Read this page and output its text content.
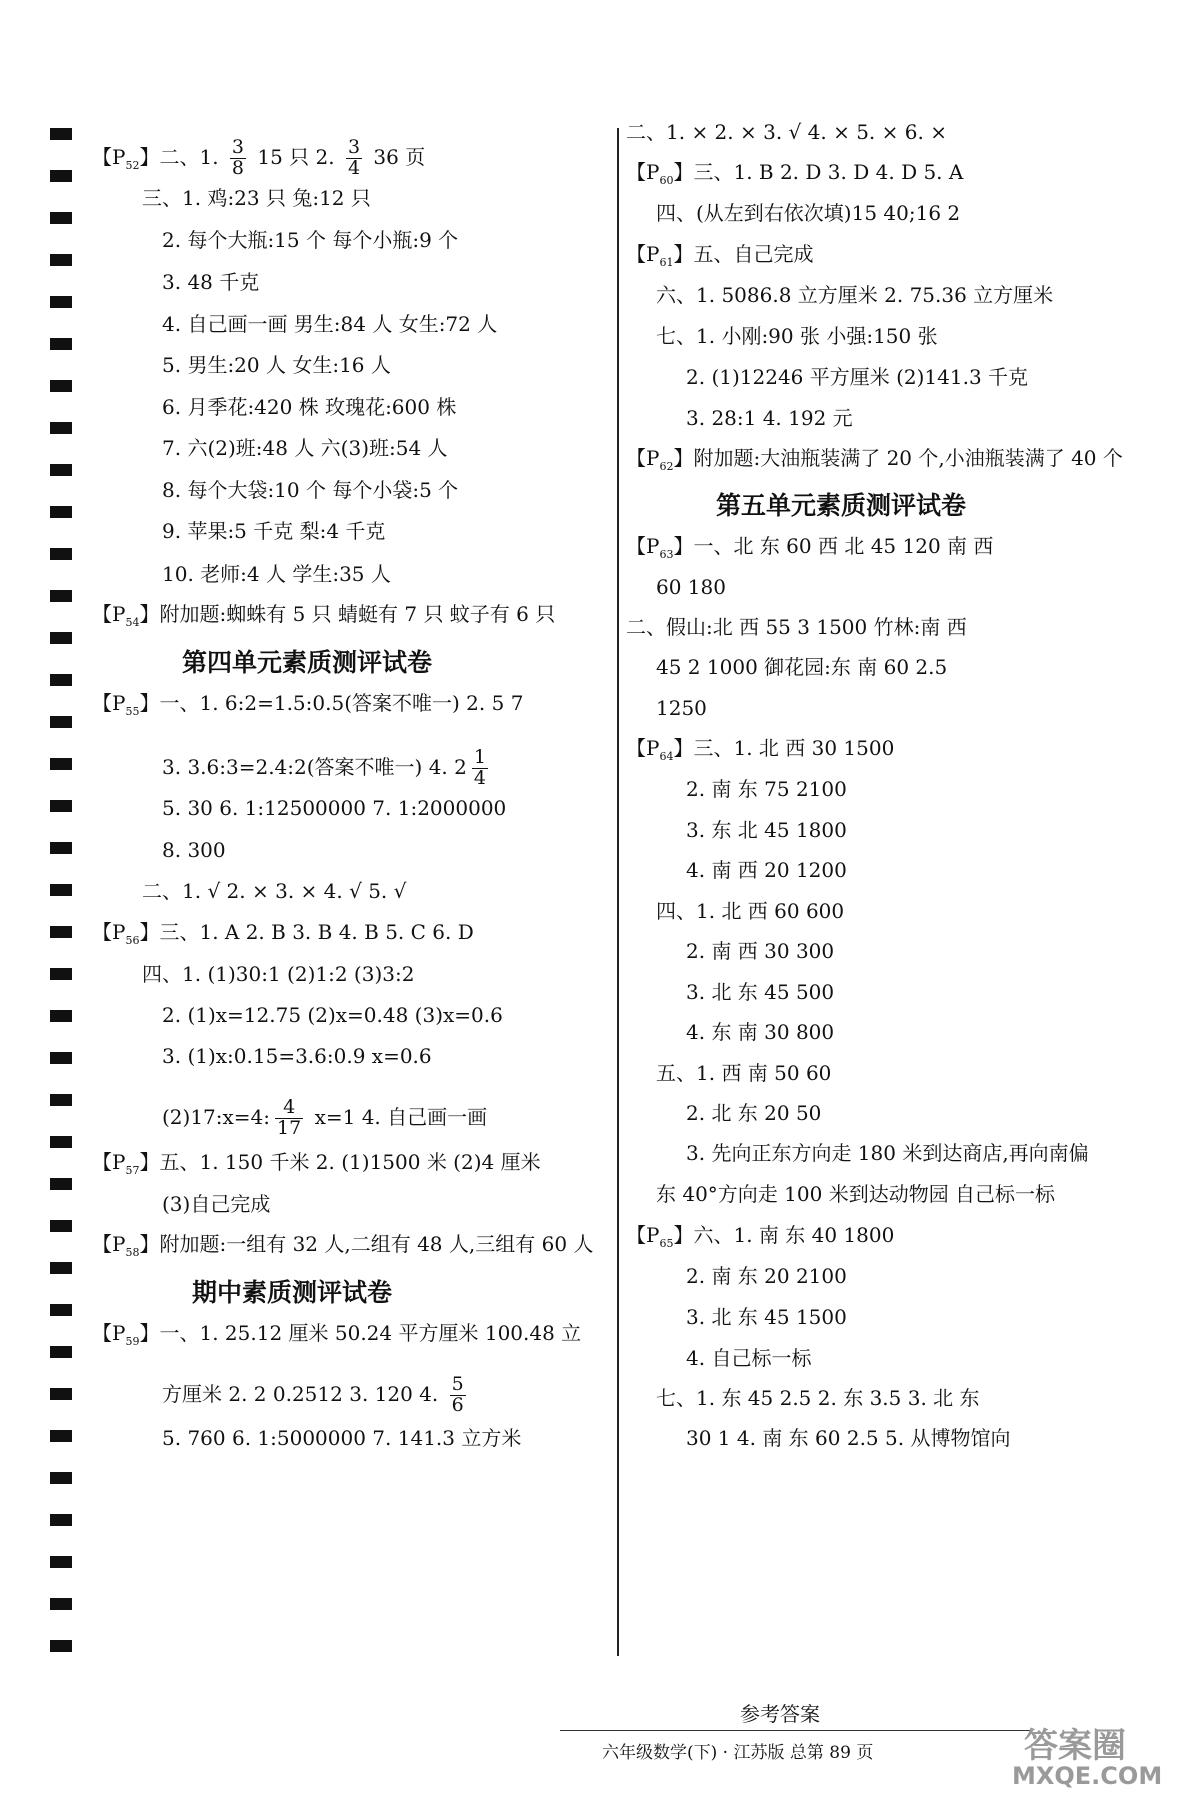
【$P_{52}$】二、1. $\frac{3}{8} 15$ 只 2. $\frac{3}{4} 36$ 页
三、1. 鸡:23 只 兔:12 只
2. 每个大瓶:15 个 每个小瓶:9 个
3. 48 千克
4. 自己画一画 男生:84 人 女生:72 人
5. 男生:20 人 女生:16 人
6. 月季花:420 株 玫瑰花:600 株
7. 六(2)班:48 人 六(3)班:54 人
8. 每个大袋:10 个 每个小袋:5 个
9. 苹果:5 千克 梨:4 千克
10. 老师:4 人 学生:35 人
【$P_{54}$】附加题:蜘蛛有 5 只 蜻蜓有 7 只 蚊子有 6 只
第四单元素质测评试卷
【$P_{55}$】一、1. 6:2=1.5:0.5(答案不唯一) 2. 5 7
3. 3.6:3=2.4:2(答案不唯一) 4. $2 \frac{1}{4}$
5. 30 6. 1:12500000 7. 1:2000000
8. 300
二、1. √ 2. × 3. × 4. √ 5. √
【$P_{56}$】三、1. A 2. B 3. B 4. B 5. C 6. D
四、1. (1)30:1 (2)1:2 (3)3:2
2. (1)x=12.75 (2)x=0.48 (3)x=0.6
3. (1)x:0.15=3.6:0.9 x=0.6
(2)17:x=4: $\frac{4}{17} x=1$ 4. 自己画一画
【$P_{57}$】五、1. 150 千米 2. (1)1500 米 (2)4 厘米
(3)自己完成
【$P_{58}$】附加题:一组有 32 人,二组有 48 人,三组有 60 人
期中素质测评试卷
【$P_{59}$】一、1. 25.12 厘米 50.24 平方厘米 100.48 立
方厘米 2. 2 0.2512 3. 120 4. $\frac{5}{6}$
5. 760 6. 1:5000000 7. 141.3 立方米
二、1. × 2. × 3. √ 4. × 5. × 6. ×
【$P_{60}$】三、1. B 2. D 3. D 4. D 5. A
四、(从左到右依次填)15 40;16 2
【$P_{61}$】五、自己完成
六、1. 5086.8 立方厘米 2. 75.36 立方厘米
七、1. 小刚:90 张 小强:150 张
2. (1)12246 平方厘米 (2)141.3 千克
3. 28:1 4. 192 元
【$P_{62}$】附加题:大油瓶装满了 20 个,小油瓶装满了 40 个
第五单元素质测评试卷
【$P_{63}$】一、北 东 60 西 北 45 120 南 西
60 180
二、假山:北 西 55 3 1500 竹林:南 西
45 2 1000 御花园:东 南 60 2.5
1250
【$P_{64}$】三、1. 北 西 30 1500
2. 南 东 75 2100
3. 东 北 45 1800
4. 南 西 20 1200
四、1. 北 西 60 600
2. 南 西 30 300
3. 北 东 45 500
4. 东 南 30 800
五、1. 西 南 50 60
2. 北 东 20 50
3. 先向正东方向走 180 米到达商店,再向南偏
东 40°方向走 100 米到达动物园 自己标一标
【$P_{65}$】六、1. 南 东 40 1800
2. 南 东 20 2100
3. 北 东 45 1500
4. 自己标一标
七、1. 东 45 2.5 2. 东 3.5 3. 北 东
30 1 4. 南 东 60 2.5 5. 从博物馆向
参考答案
六年级数学(下) · 江苏版 总第 89 页	答案圈
MXQE.COM
